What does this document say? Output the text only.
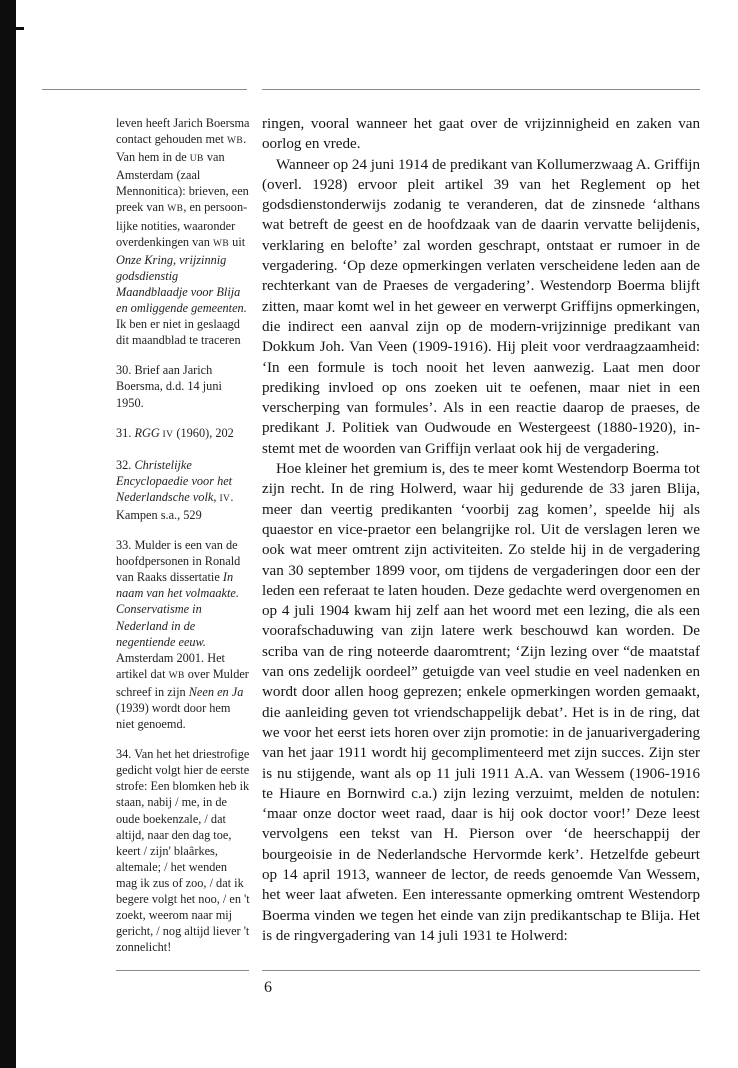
leven heeft Jarich Boersma contact gehouden met WB. Van hem in de UB van Amsterdam (zaal Mennonitica): brieven, een preek van WB, en persoonlijke notities, waaronder overdenkingen van WB uit Onze Kring, vrijzinnig godsdienstig Maandblaadje voor Blija en omliggende gemeenten. Ik ben er niet in geslaagd dit maandblad te traceren

30. Brief aan Jarich Boersma, d.d. 14 juni 1950.

31. RGG IV (1960), 202

32. Christelijke Encyclopaedie voor het Nederlandsche volk, IV. Kampen s.a., 529

33. Mulder is een van de hoofdpersonen in Ronald van Raaks dissertatie In naam van het volmaakte. Conservatisme in Nederland in de negentiende eeuw. Amsterdam 2001. Het artikel dat WB over Mulder schreef in zijn Neen en Ja (1939) wordt door hem niet genoemd.

34. Van het het driestrofige gedicht volgt hier de eerste strofe: Een blomken heb ik staan, nabij / me, in de oude boekenzale, / dat altijd, naar den dag toe, keert / zijn' blaârkes, altemale; / het wenden mag ik zus of zoo, / dat ik begere volgt het noo, / en 't zoekt, weerom naar mij gericht, / nog altijd liever 't zonnelicht!

ringen, vooral wanneer het gaat over de vrijzinnigheid en zaken van oorlog en vrede.

Wanneer op 24 juni 1914 de predikant van Kollumerzwaag A. Griffijn (overl. 1928) ervoor pleit artikel 39 van het Reglement op het godsdienstonderwijs zodanig te veranderen, dat de zinsnede ‘althans wat betreft de geest en de hoofdzaak van de daarin vervatte belijdenis, verklaring en belofte’ zal worden geschrapt, ontstaat er rumoer in de vergadering. ‘Op deze opmerkingen verlaten verscheidene leden aan de rechterkant van de Praeses de vergadering’. Westendorp Boerma blijft zitten, maar komt wel in het geweer en verwerpt Griffijns opmerkingen, die indirect een aanval zijn op de modern-vrijzinnige predikant van Dokkum Joh. Van Veen (1909-1916). Hij pleit voor verdraagzaamheid: ‘In een formule is toch nooit het leven aanwezig. Laat men door prediking invloed op ons zoeken uit te oefenen, maar niet in een verscherping van formules’. Als in een reactie daarop de praeses, de predikant J. Politiek van Oudwoude en Westergeest (1880-1920), instemt met de woorden van Griffijn verlaat ook hij de vergadering.

Hoe kleiner het gremium is, des te meer komt Westendorp Boerma tot zijn recht. In de ring Holwerd, waar hij gedurende de 33 jaren Blija, meer dan veertig predikanten ‘voorbij zag komen’, speelde hij als quaestor en vice-praetor een belangrijke rol. Uit de verslagen leren we ook wat meer omtrent zijn activiteiten. Zo stelde hij in de vergadering van 30 september 1899 voor, om tijdens de vergaderingen door een der leden een referaat te laten houden. Deze gedachte werd overgenomen en op 4 juli 1904 kwam hij zelf aan het woord met een lezing, die als een voorafschaduwing van zijn latere werk beschouwd kan worden. De scriba van de ring noteerde daaromtrent; ‘Zijn lezing over “de maatstaf van ons zedelijk oordeel” getuigde van veel studie en veel nadenken en wordt door allen hoog geprezen; enkele opmerkingen worden gemaakt, die aanleiding geven tot vriendschappelijk debat’. Het is in de ring, dat we voor het eerst iets horen over zijn promotie: in de januarivergadering van het jaar 1911 wordt hij gecomplimenteerd met zijn succes. Zijn ster is nu stijgende, want als op 11 juli 1911 A.A. van Wessem (1906-1916 te Hiaure en Bornwird c.a.) zijn lezing verzuimt, melden de notulen: ‘maar onze doctor weet raad, daar is hij ook doctor voor!’ Deze leest vervolgens een tekst van H. Pierson over ‘de heerschappij der bourgeoisie in de Nederlandsche Hervormde kerk’. Hetzelfde gebeurt op 14 april 1913, wanneer de lector, de reeds genoemde Van Wessem, het weer laat afweten. Een interessante opmerking omtrent Westendorp Boerma vinden we tegen het einde van zijn predikantschap te Blija. Het is de ringvergadering van 14 juli 1931 te Holwerd:

6
